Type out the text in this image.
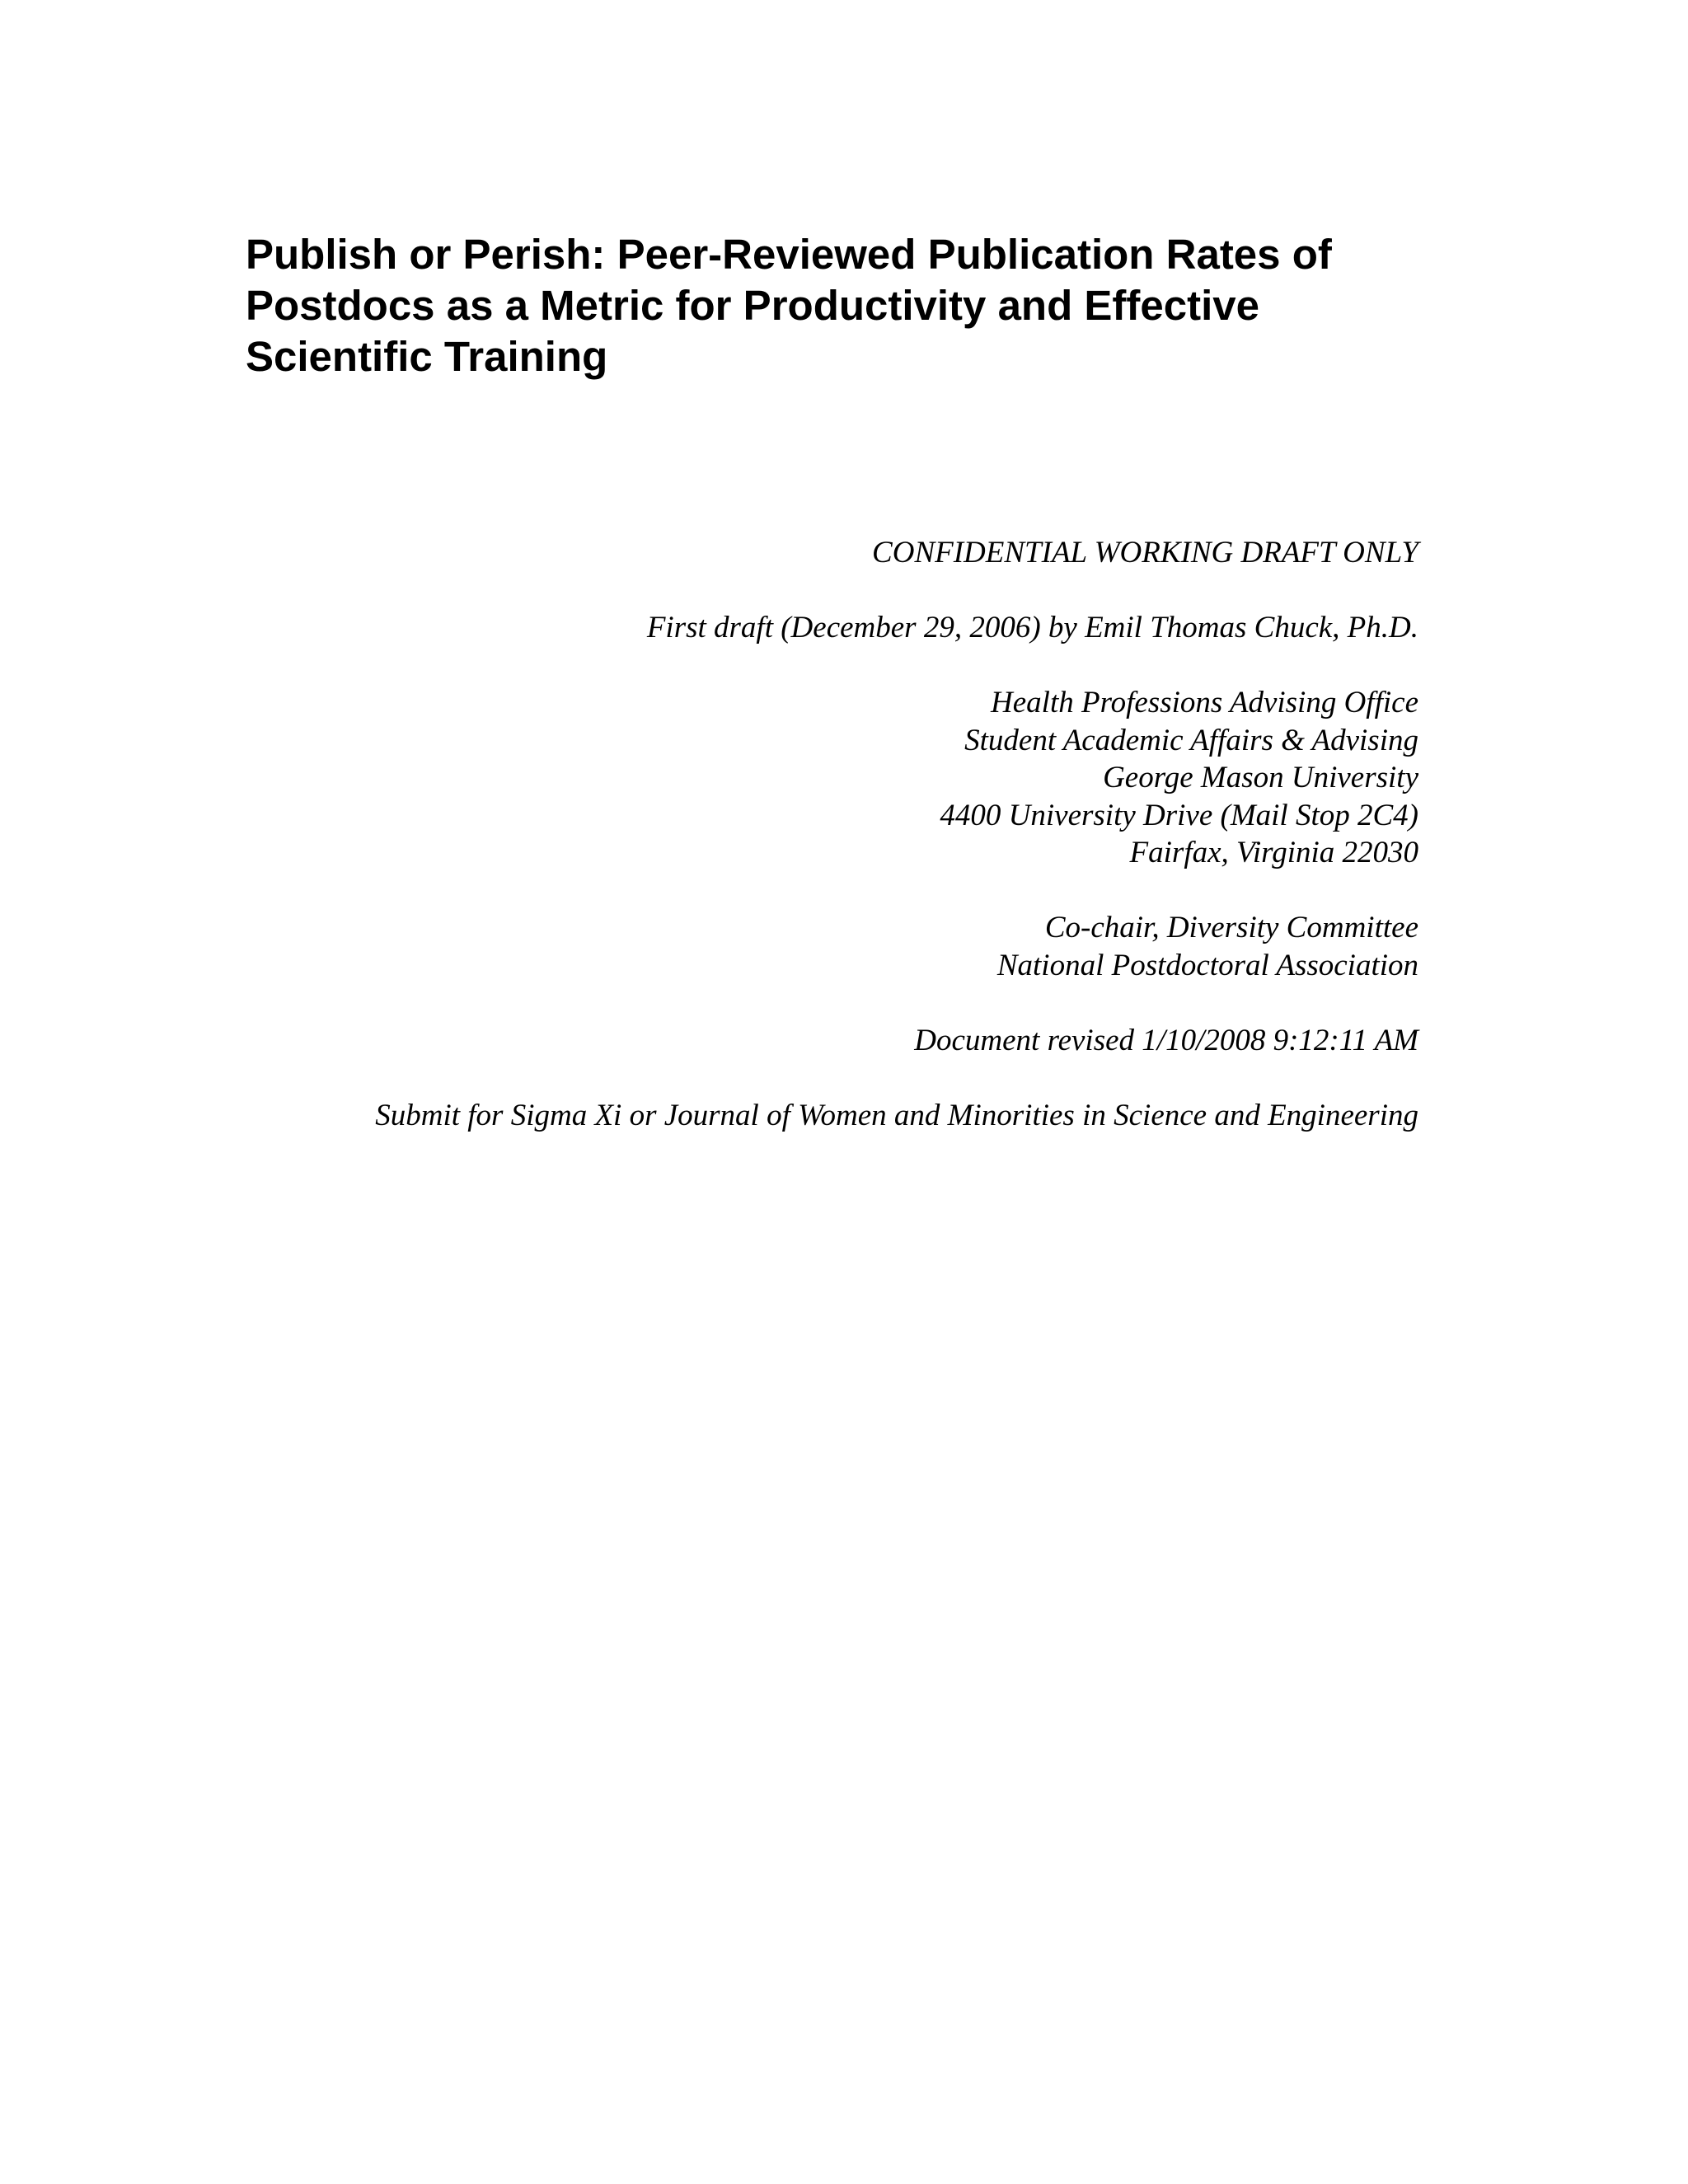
Publish or Perish: Peer-Reviewed Publication Rates of
Postdocs as a Metric for Productivity and Effective
Scientific Training
CONFIDENTIAL WORKING DRAFT ONLY
First draft (December 29, 2006) by Emil Thomas Chuck, Ph.D.
Health Professions Advising Office
Student Academic Affairs & Advising
George Mason University
4400 University Drive (Mail Stop 2C4)
Fairfax, Virginia 22030
Co-chair, Diversity Committee
National Postdoctoral Association
Document revised 1/10/2008 9:12:11 AM
Submit for Sigma Xi or Journal of Women and Minorities in Science and Engineering
